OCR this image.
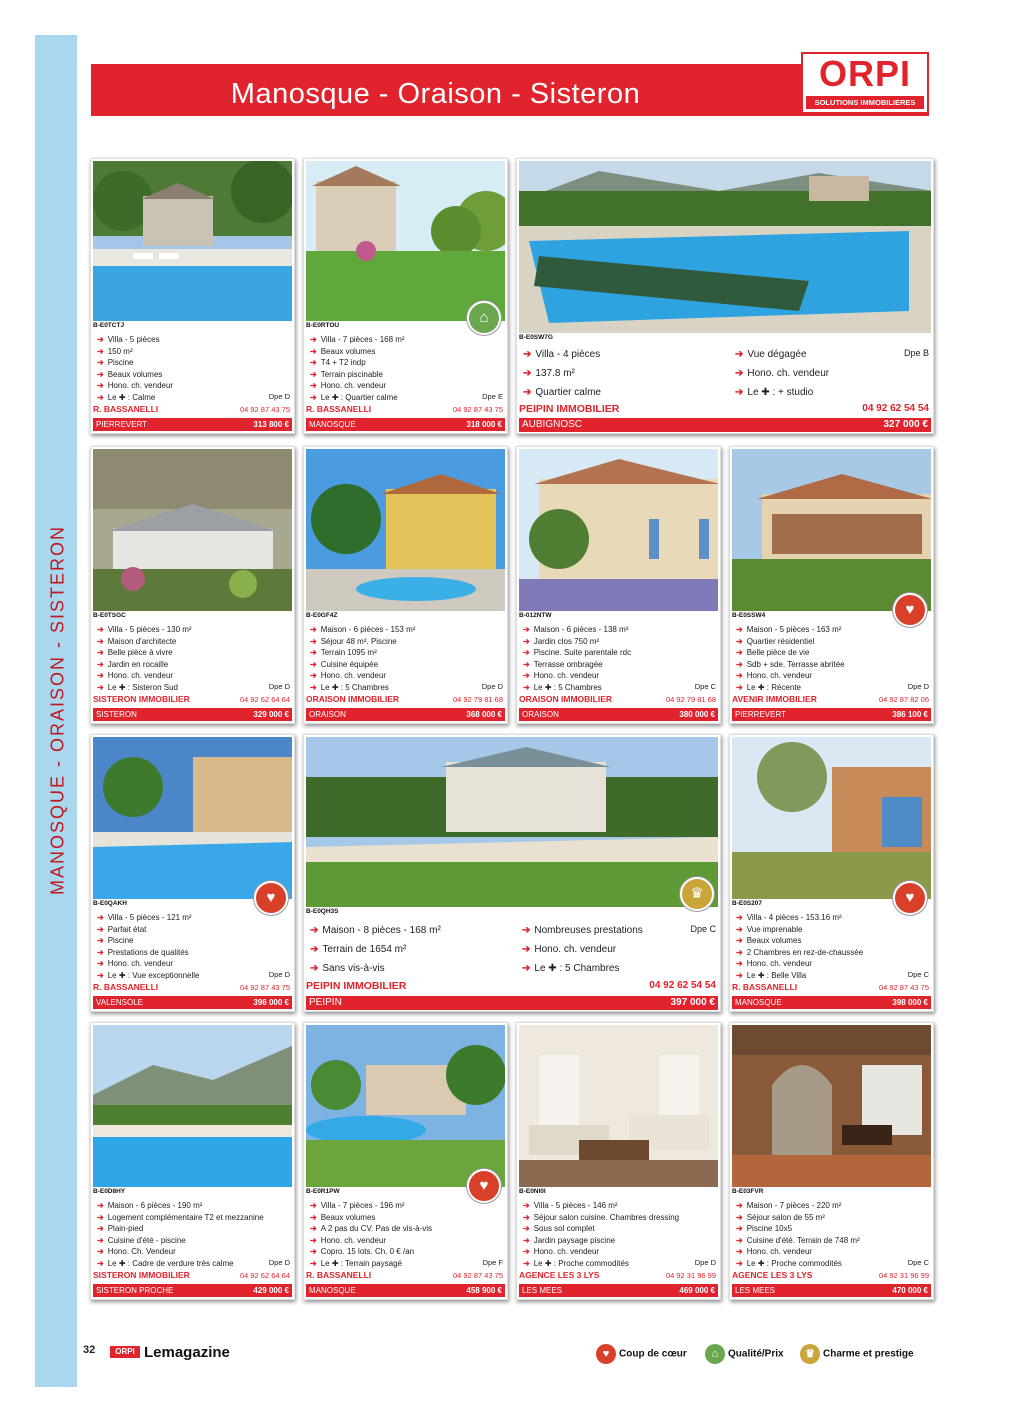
MANOSQUE - ORAISON - SISTERON
Manosque - Oraison - Sisteron	ORPI
SOLUTIONS IMMOBILIERES
B-E0TCTJ
➔ Villa - 5 pièces
➔ 150 m²
➔ Piscine
➔ Beaux volumes
➔ Hono. ch. vendeur
➔ Le ✚ : Calme	Dpe D
R. BASSANELLI	04 92 87 43 75
PIERREVERT	313 800 €
⌂
B-E0RTOU
➔ Villa - 7 pièces - 168 m²
➔ Beaux volumes
➔ T4 + T2 indp
➔ Terrain piscinable
➔ Hono. ch. vendeur
➔ Le ✚ : Quartier calme	Dpe E
R. BASSANELLI	04 92 87 43 75
MANOSQUE	318 000 €
B-E0SW7G
➔ Villa - 4 pièces
➔ 137.8 m²
➔ Quartier calme
➔ Vue dégagée
➔ Hono. ch. vendeur
➔ Le ✚ : + studio
Dpe B
PEIPIN IMMOBILIER	04 92 62 54 54
AUBIGNOSC	327 000 €
B-E0TSGC
➔ Villa - 5 pièces - 130 m²
➔ Maison d'architecte
➔ Belle pièce à vivre
➔ Jardin en rocaille
➔ Hono. ch. vendeur
➔ Le ✚ : Sisteron Sud	Dpe D
SISTERON IMMOBILIER	04 92 62 64 64
SISTERON	329 000 €
B-E0GF4Z
➔ Maison - 6 pièces - 153 m²
➔ Séjour 48 m². Piscine
➔ Terrain 1095 m²
➔ Cuisine équipée
➔ Hono. ch. vendeur
➔ Le ✚ : 5 Chambres	Dpe D
ORAISON IMMOBILIER	04 92 79 81 68
ORAISON	368 000 €
B-012NTW
➔ Maison - 6 pièces - 138 m²
➔ Jardin clos 750 m²
➔ Piscine. Suite parentale rdc
➔ Terrasse ombragée
➔ Hono. ch. vendeur
➔ Le ✚ : 5 Chambres	Dpe C
ORAISON IMMOBILIER	04 92 79 81 68
ORAISON	380 000 €
♥
B-E0SSW4
➔ Maison - 5 pièces - 163 m²
➔ Quartier résidentiel
➔ Belle pièce de vie
➔ Sdb + sde. Terrasse abritée
➔ Hono. ch. vendeur
➔ Le ✚ : Récente	Dpe D
AVENIR IMMOBILIER	04 92 87 82 06
PIERREVERT	386 100 €
♥
B-E0QAKH
➔ Villa - 5 pièces - 121 m²
➔ Parfait état
➔ Piscine
➔ Prestations de qualités
➔ Hono. ch. vendeur
➔ Le ✚ : Vue exceptionnelle	Dpe D
R. BASSANELLI	04 92 87 43 75
VALENSOLE	396 000 €
♛
B-E0QH3S
➔ Maison - 8 pièces - 168 m²
➔ Terrain de 1654 m²
➔ Sans vis-à-vis
➔ Nombreuses prestations
➔ Hono. ch. vendeur
➔ Le ✚ : 5 Chambres
Dpe C
PEIPIN IMMOBILIER	04 92 62 54 54
PEIPIN	397 000 €
♥
B-E0S207
➔ Villa - 4 pièces - 153.16 m²
➔ Vue imprenable
➔ Beaux volumes
➔ 2 Chambres en rez-de-chaussée
➔ Hono. ch. vendeur
➔ Le ✚ : Belle Villa	Dpe C
R. BASSANELLI	04 92 87 43 75
MANOSQUE	398 000 €
B-E0D8HY
➔ Maison - 6 pièces - 190 m²
➔ Logement complémentaire T2 et mezzanine
➔ Plain-pied
➔ Cuisine d'été - piscine
➔ Hono. Ch. Vendeur
➔ Le ✚ : Cadre de verdure très calme	Dpe D
SISTERON IMMOBILIER	04 92 62 64 64
SISTERON PROCHE	429 000 €
♥
B-E0R1PW
➔ Villa - 7 pièces - 196 m²
➔ Beaux volumes
➔ A 2 pas du CV. Pas de vis-à-vis
➔ Hono. ch. vendeur
➔ Copro. 15 lots. Ch. 0 € /an
➔ Le ✚ : Terrain paysagé	Dpe F
R. BASSANELLI	04 92 87 43 75
MANOSQUE	458 900 €
B-E0NI0I
➔ Villa - 5 pièces - 146 m²
➔ Séjour salon cuisine. Chambres dressing
➔ Sous sol complet
➔ Jardin paysage piscine
➔ Hono. ch. vendeur
➔ Le ✚ : Proche commodités	Dpe D
AGENCE LES 3 LYS	04 92 31 96 99
LES MEES	469 000 €
B-E03FVR
➔ Maison - 7 pièces - 220 m²
➔ Séjour salon de 55 m²
➔ Piscine 10x5
➔ Cuisine d'été. Terrain de 748 m²
➔ Hono. ch. vendeur
➔ Le ✚ : Proche commodités	Dpe C
AGENCE LES 3 LYS	04 92 31 96 99
LES MEES	470 000 €
32	ORPI Lemagazine	♥ Coup de cœur	⌂ Qualité/Prix	♛ Charme et prestige
